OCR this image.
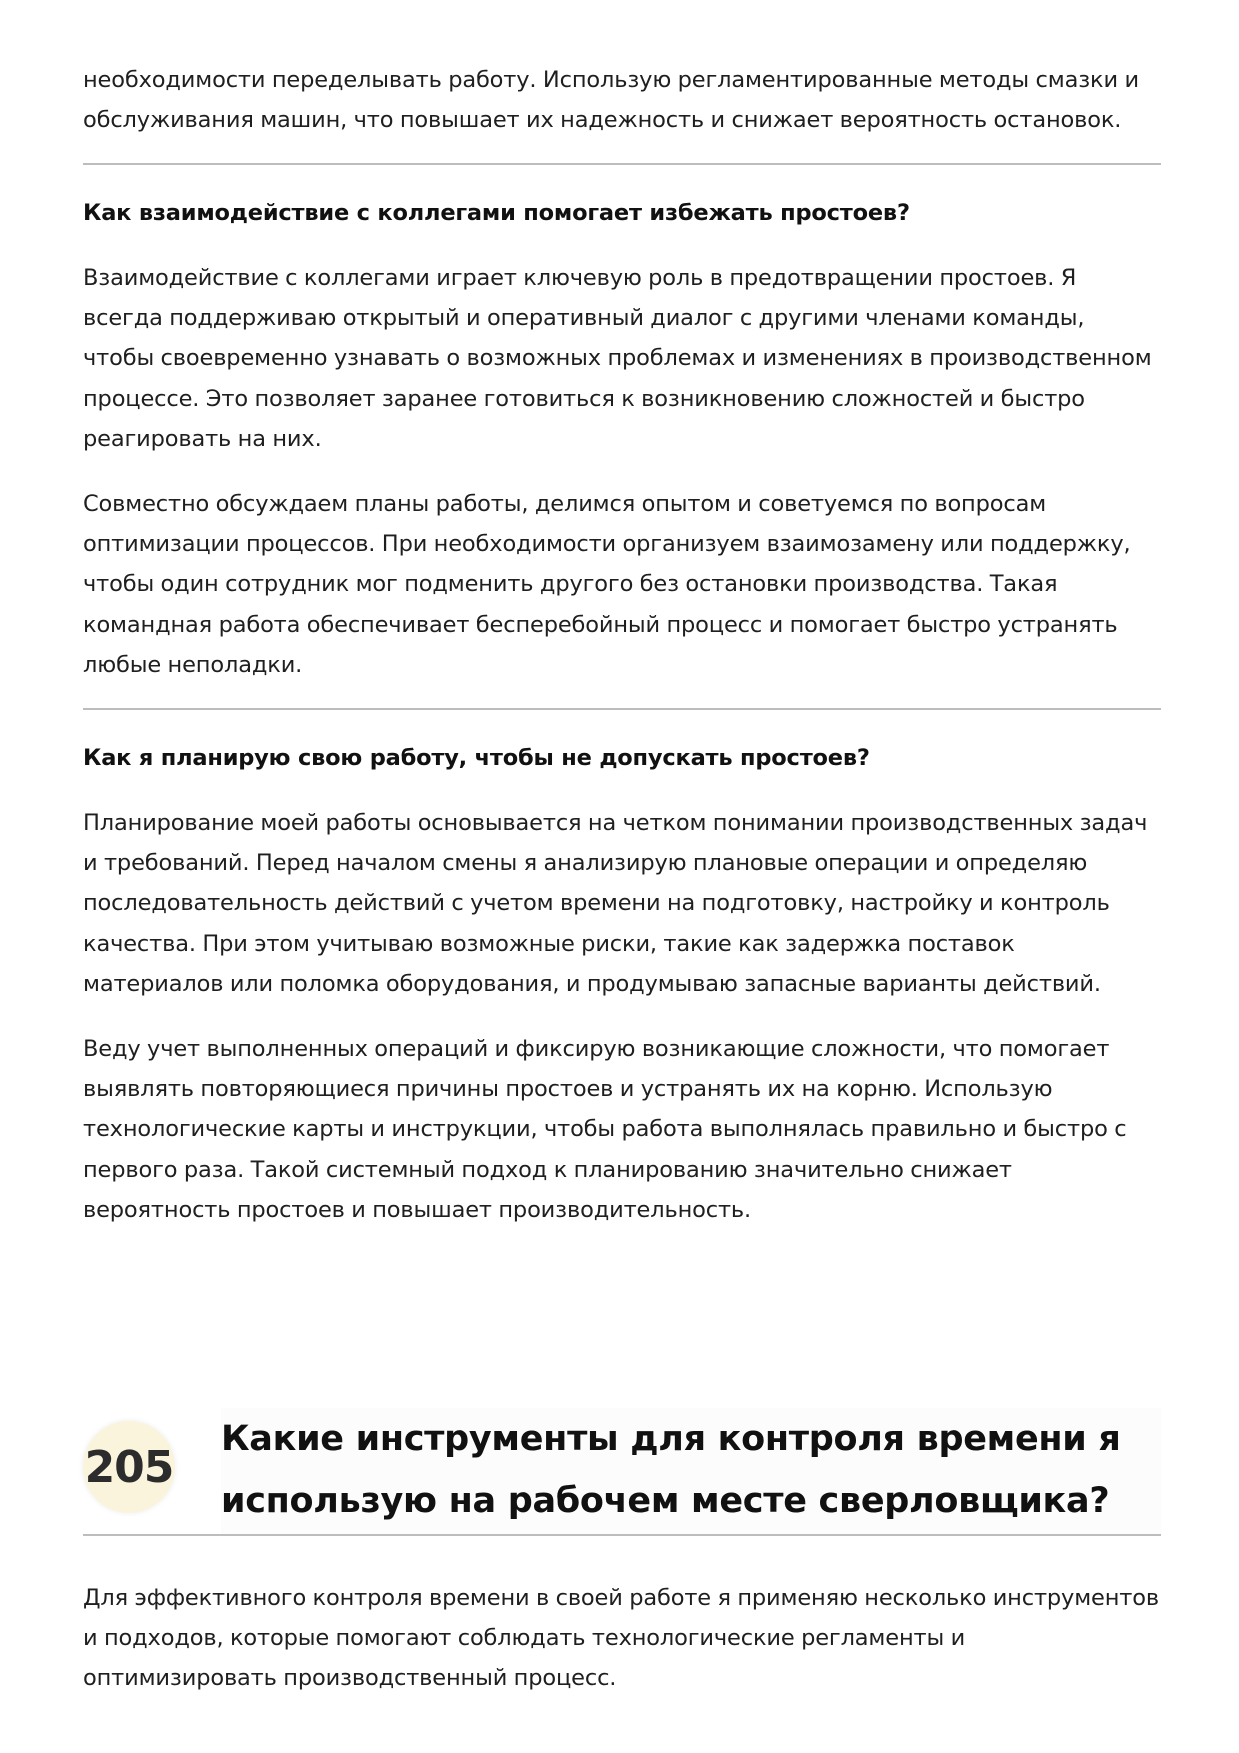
необходимости переделывать работу. Использую регламентированные методы смазки и обслуживания машин, что повышает их надежность и снижает вероятность остановок.

Как взаимодействие с коллегами помогает избежать простоев?

Взаимодействие с коллегами играет ключевую роль в предотвращении простоев. Я всегда поддерживаю открытый и оперативный диалог с другими членами команды, чтобы своевременно узнавать о возможных проблемах и изменениях в производственном процессе. Это позволяет заранее готовиться к возникновению сложностей и быстро реагировать на них.

Совместно обсуждаем планы работы, делимся опытом и советуемся по вопросам оптимизации процессов. При необходимости организуем взаимозамену или поддержку, чтобы один сотрудник мог подменить другого без остановки производства. Такая командная работа обеспечивает бесперебойный процесс и помогает быстро устранять любые неполадки.

Как я планирую свою работу, чтобы не допускать простоев?

Планирование моей работы основывается на четком понимании производственных задач и требований. Перед началом смены я анализирую плановые операции и определяю последовательность действий с учетом времени на подготовку, настройку и контроль качества. При этом учитываю возможные риски, такие как задержка поставок материалов или поломка оборудования, и продумываю запасные варианты действий.

Веду учет выполненных операций и фиксирую возникающие сложности, что помогает выявлять повторяющиеся причины простоев и устранять их на корню. Использую технологические карты и инструкции, чтобы работа выполнялась правильно и быстро с первого раза. Такой системный подход к планированию значительно снижает вероятность простоев и повышает производительность.

205
Какие инструменты для контроля времени я использую на рабочем месте сверловщика?

Для эффективного контроля времени в своей работе я применяю несколько инструментов и подходов, которые помогают соблюдать технологические регламенты и оптимизировать производственный процесс.
